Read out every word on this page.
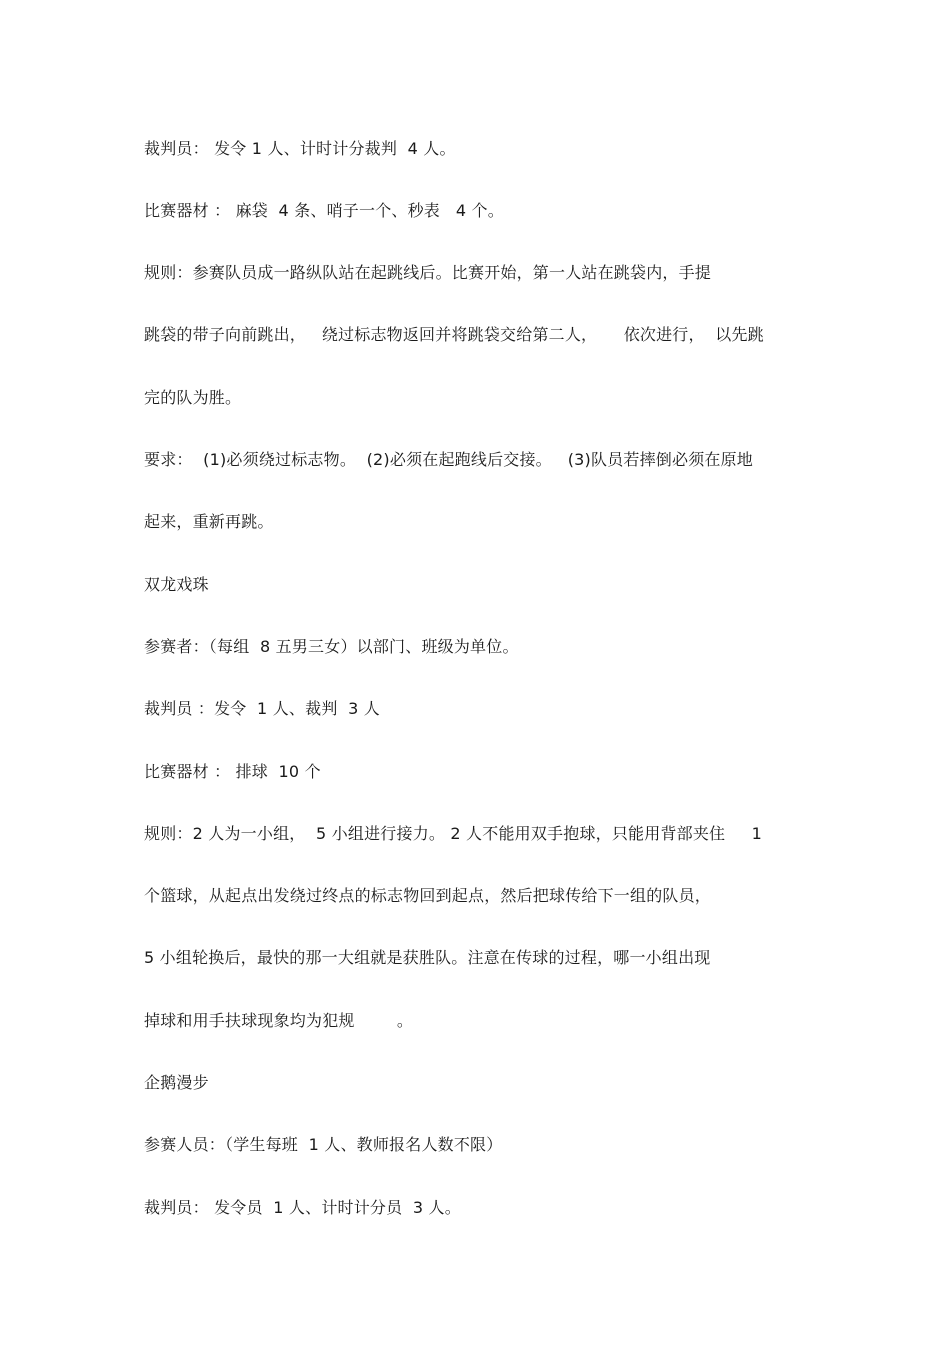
裁判员： 发令 1 人、计时计分裁判  4 人。
比赛器材 ： 麻袋  4 条、哨子一个、秒表   4 个。
规则：参赛队员成一路纵队站在起跳线后。比赛开始，第一人站在跳袋内，手提
跳袋的带子向前跳出，   绕过标志物返回并将跳袋交给第二人，     依次进行，  以先跳
完的队为胜。
要求：  (1)必须绕过标志物。  (2)必须在起跑线后交接。   (3)队员若摔倒必须在原地
起来，重新再跳。
双龙戏珠
参赛者：（每组  8 五男三女）以部门、班级为单位。
裁判员 ：发令  1 人、裁判  3 人
比赛器材 ： 排球  10 个
规则：2 人为一小组，  5 小组进行接力。 2 人不能用双手抱球，只能用背部夹住     1
个篮球，从起点出发绕过终点的标志物回到起点，然后把球传给下一组的队员，
5 小组轮换后，最快的那一大组就是获胜队。注意在传球的过程，哪一小组出现
掉球和用手扶球现象均为犯规        。
企鹅漫步
参赛人员：（学生每班  1 人、教师报名人数不限）
裁判员： 发令员  1 人、计时计分员  3 人。
